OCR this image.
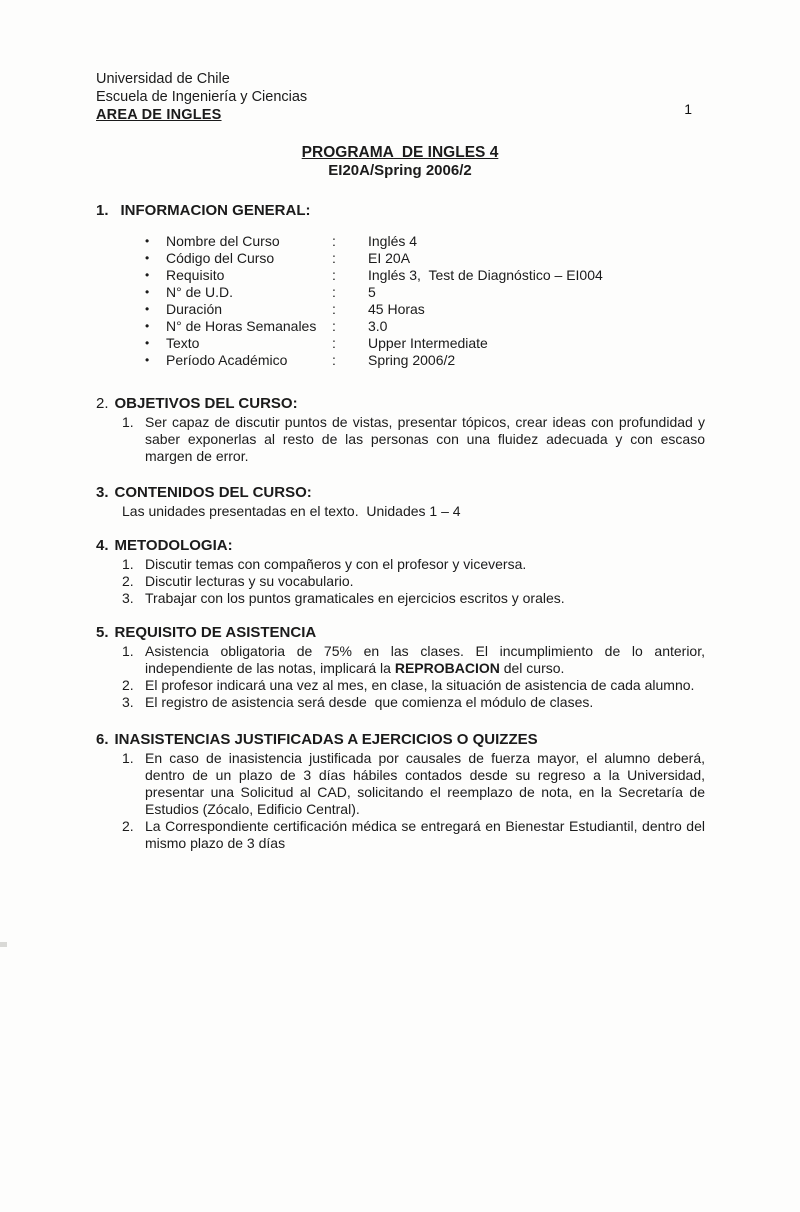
1
Universidad de Chile
Escuela de Ingeniería y Ciencias
AREA DE INGLES
PROGRAMA  DE INGLES 4
EI20A/Spring 2006/2
1. INFORMACION GENERAL:
•	Nombre del Curso	:	Inglés 4
•	Código del Curso	:	EI 20A
•	Requisito	:	Inglés 3,  Test de Diagnóstico – EI004
•	N° de U.D.	:	5
•	Duración	:	45 Horas
•	N° de Horas Semanales	:	3.0
•	Texto	:	Upper Intermediate
•	Período Académico	:	Spring 2006/2
2. OBJETIVOS DEL CURSO:
1. Ser capaz de discutir puntos de vistas, presentar tópicos, crear ideas con profundidad y saber exponerlas al resto de las personas con una fluidez adecuada y con escaso margen de error.
3. CONTENIDOS DEL CURSO:
Las unidades presentadas en el texto.  Unidades 1 – 4
4. METODOLOGIA:
1. Discutir temas con compañeros y con el profesor y viceversa.
2. Discutir lecturas y su vocabulario.
3. Trabajar con los puntos gramaticales en ejercicios escritos y orales.
5. REQUISITO DE ASISTENCIA
1. Asistencia obligatoria de 75% en las clases. El incumplimiento de lo anterior, independiente de las notas, implicará la REPROBACION del curso.
2. El profesor indicará una vez al mes, en clase, la situación de asistencia de cada alumno.
3. El registro de asistencia será desde  que comienza el módulo de clases.
6. INASISTENCIAS JUSTIFICADAS A EJERCICIOS O QUIZZES
1. En caso de inasistencia justificada por causales de fuerza mayor, el alumno deberá, dentro de un plazo de 3 días hábiles contados desde su regreso a la Universidad, presentar una Solicitud al CAD, solicitando el reemplazo de nota, en la Secretaría de Estudios (Zócalo, Edificio Central).
2. La Correspondiente certificación médica se entregará en Bienestar Estudiantil, dentro del mismo plazo de 3 días
